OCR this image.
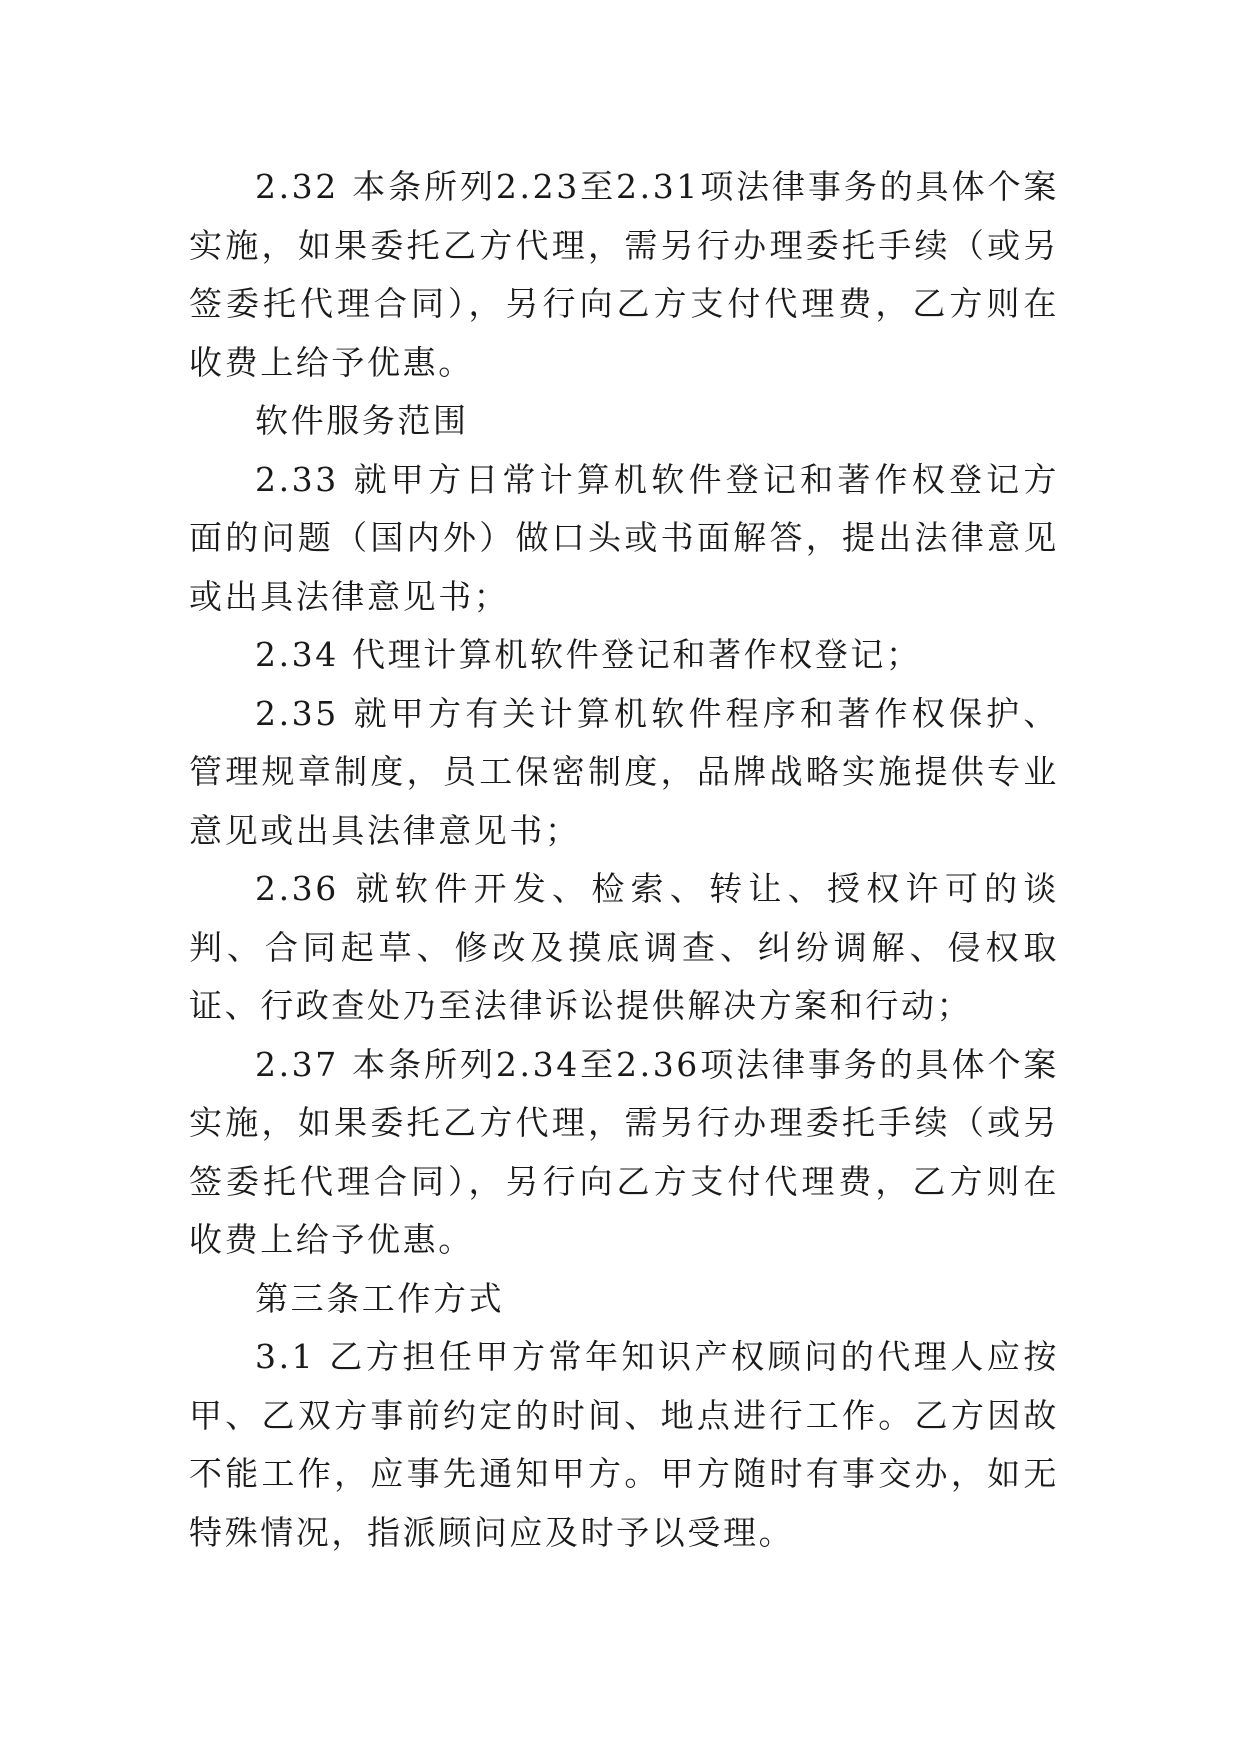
2.32 本条所列2.23至2.31项法律事务的具体个案实施，如果委托乙方代理，需另行办理委托手续（或另签委托代理合同），另行向乙方支付代理费，乙方则在收费上给予优惠。

软件服务范围

2.33 就甲方日常计算机软件登记和著作权登记方面的问题（国内外）做口头或书面解答，提出法律意见或出具法律意见书；

2.34 代理计算机软件登记和著作权登记；

2.35 就甲方有关计算机软件程序和著作权保护、管理规章制度，员工保密制度，品牌战略实施提供专业意见或出具法律意见书；

2.36 就软件开发、检索、转让、授权许可的谈判、合同起草、修改及摸底调查、纠纷调解、侵权取证、行政查处乃至法律诉讼提供解决方案和行动；

2.37 本条所列2.34至2.36项法律事务的具体个案实施，如果委托乙方代理，需另行办理委托手续（或另签委托代理合同），另行向乙方支付代理费，乙方则在收费上给予优惠。

第三条工作方式

3.1 乙方担任甲方常年知识产权顾问的代理人应按甲、乙双方事前约定的时间、地点进行工作。乙方因故不能工作，应事先通知甲方。甲方随时有事交办，如无特殊情况，指派顾问应及时予以受理。
